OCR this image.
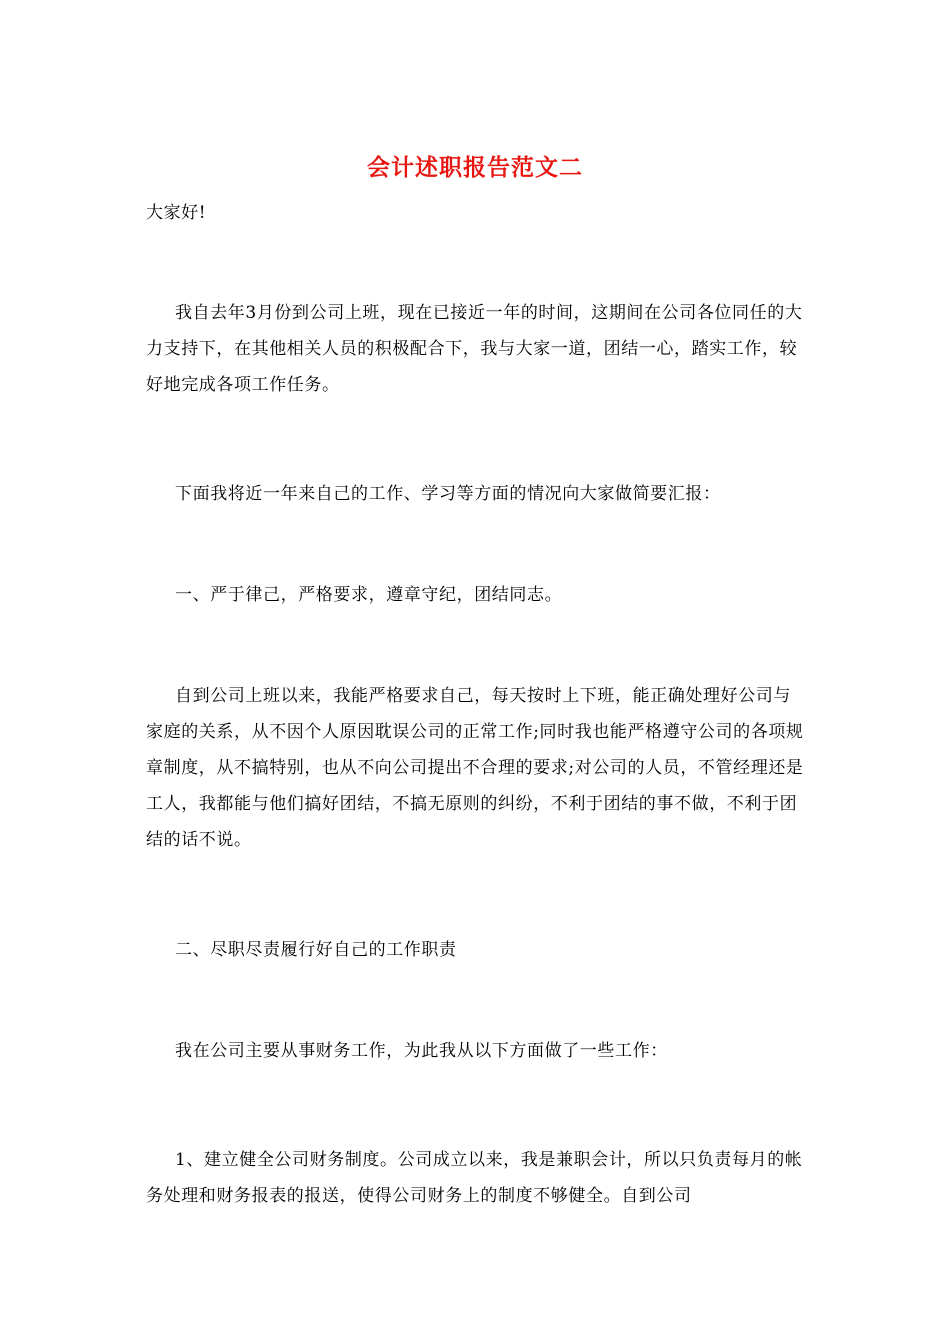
会计述职报告范文二

大家好!

我自去年3月份到公司上班，现在已接近一年的时间，这期间在公司各位同任的大力支持下，在其他相关人员的积极配合下，我与大家一道，团结一心，踏实工作，较好地完成各项工作任务。

下面我将近一年来自己的工作、学习等方面的情况向大家做简要汇报：

一、严于律己，严格要求，遵章守纪，团结同志。

自到公司上班以来，我能严格要求自己，每天按时上下班，能正确处理好公司与家庭的关系，从不因个人原因耽误公司的正常工作;同时我也能严格遵守公司的各项规章制度，从不搞特别，也从不向公司提出不合理的要求;对公司的人员，不管经理还是工人，我都能与他们搞好团结，不搞无原则的纠纷，不利于团结的事不做，不利于团结的话不说。

二、尽职尽责履行好自己的工作职责

我在公司主要从事财务工作，为此我从以下方面做了一些工作：

1、建立健全公司财务制度。公司成立以来，我是兼职会计，所以只负责每月的帐务处理和财务报表的报送，使得公司财务上的制度不够健全。自到公司
